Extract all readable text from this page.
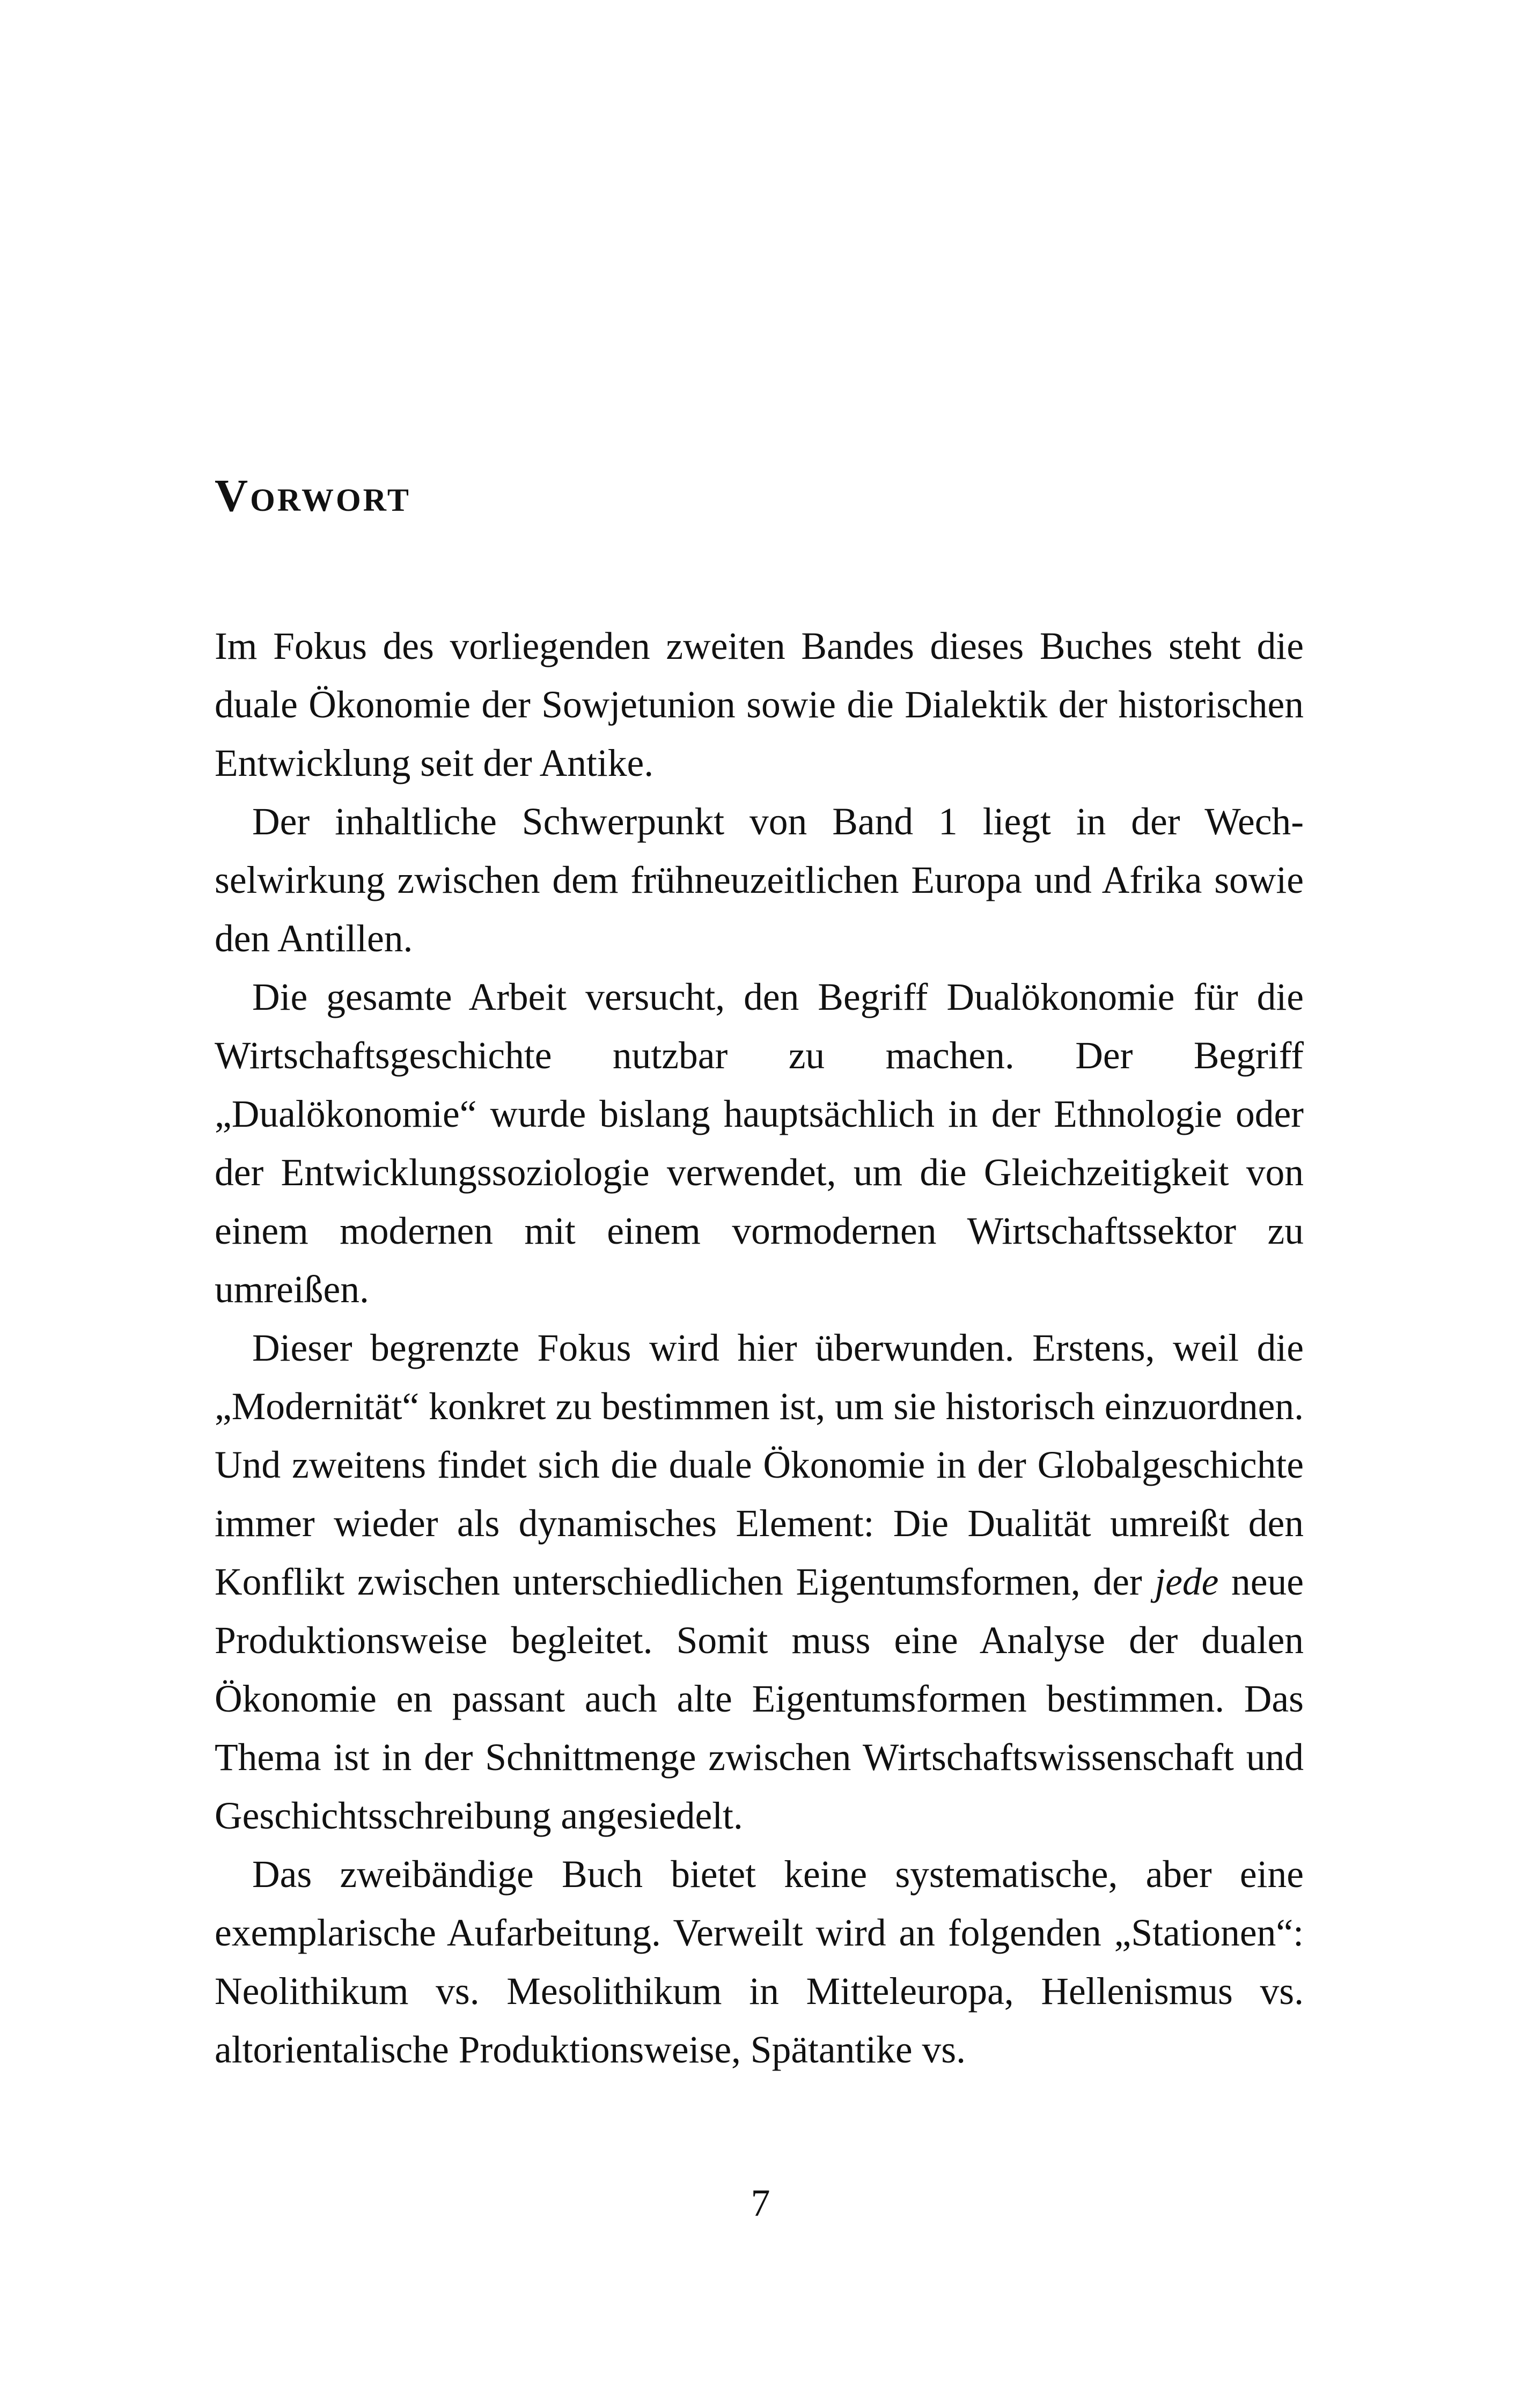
Vorwort

Im Fokus des vorliegenden zweiten Bandes dieses Buches steht die duale Ökonomie der Sowjetunion sowie die Dialektik der historischen Entwicklung seit der Antike.

Der inhaltliche Schwerpunkt von Band 1 liegt in der Wechselwirkung zwischen dem frühneuzeitlichen Europa und Afrika sowie den Antillen.

Die gesamte Arbeit versucht, den Begriff Dualökonomie für die Wirtschaftsgeschichte nutzbar zu machen. Der Begriff „Dualökonomie“ wurde bislang hauptsächlich in der Ethnologie oder der Entwicklungssoziologie verwendet, um die Gleichzeitigkeit von einem modernen mit einem vormodernen Wirtschaftssektor zu umreißen.

Dieser begrenzte Fokus wird hier überwunden. Erstens, weil die „Modernität“ konkret zu bestimmen ist, um sie historisch einzuordnen. Und zweitens findet sich die duale Ökonomie in der Globalgeschichte immer wieder als dynamisches Element: Die Dualität umreißt den Konflikt zwischen unterschiedlichen Eigentumsformen, der jede neue Produktionsweise begleitet. Somit muss eine Analyse der dualen Ökonomie en passant auch alte Eigentumsformen bestimmen. Das Thema ist in der Schnittmenge zwischen Wirtschaftswissenschaft und Geschichtsschreibung angesiedelt.

Das zweibändige Buch bietet keine systematische, aber eine exemplarische Aufarbeitung. Verweilt wird an folgenden „Stationen“: Neolithikum vs. Mesolithikum in Mitteleuropa, Hellenismus vs. altorientalische Produktionsweise, Spätantike vs.

7
